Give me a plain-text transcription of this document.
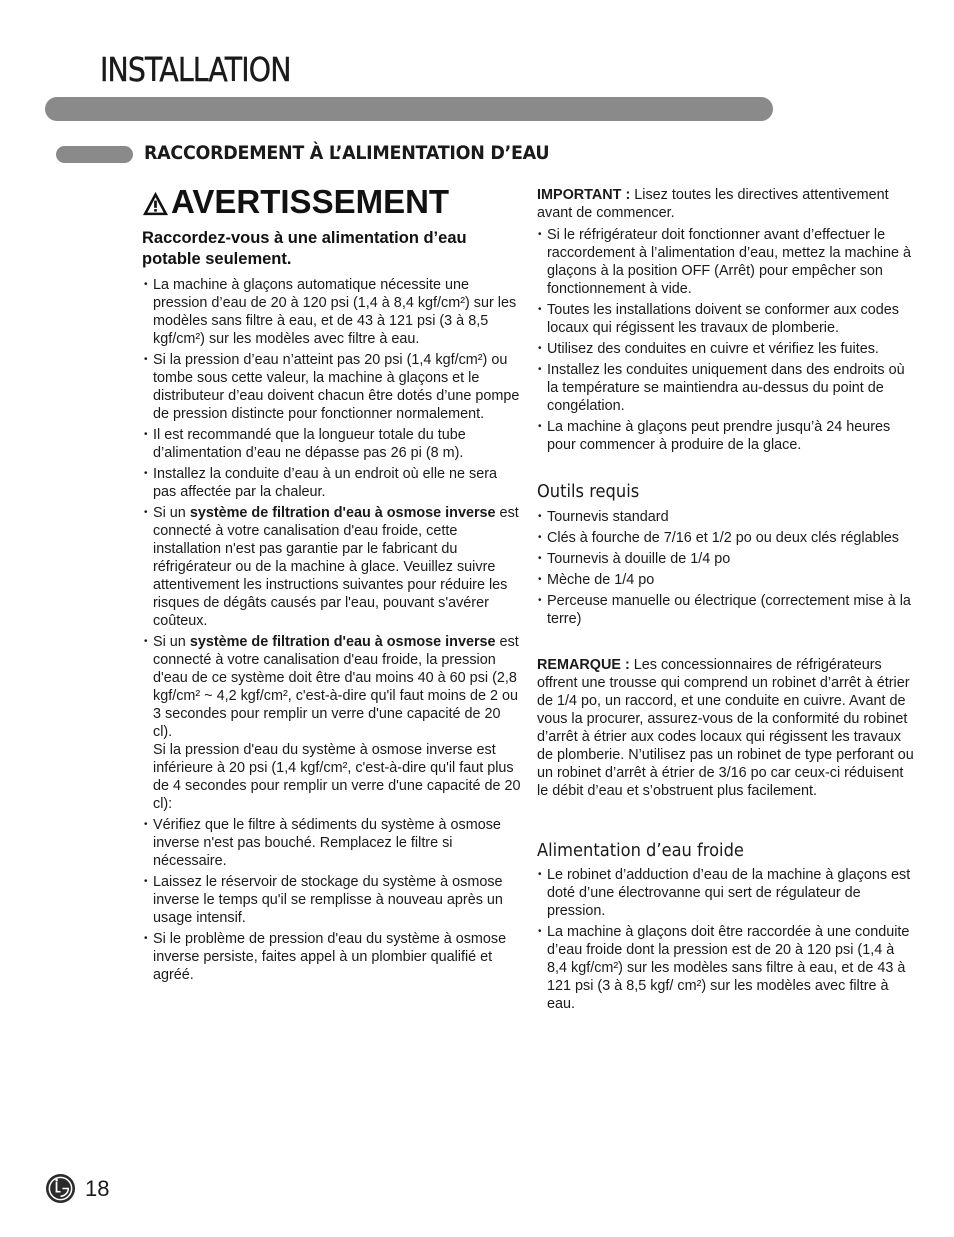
INSTALLATION
RACCORDEMENT À L’ALIMENTATION D’EAU
AVERTISSEMENT
Raccordez-vous à une alimentation d’eau potable seulement.
• La machine à glaçons automatique nécessite une pression d’eau de 20 à 120 psi (1,4 à 8,4 kgf/cm²) sur les modèles sans filtre à eau, et de 43 à 121 psi (3 à 8,5 kgf/cm²) sur les modèles avec filtre à eau.
• Si la pression d’eau n’atteint pas 20 psi (1,4 kgf/cm²) ou tombe sous cette valeur, la machine à glaçons et le distributeur d’eau doivent chacun être dotés d’une pompe de pression distincte pour fonctionner normalement.
• Il est recommandé que la longueur totale du tube d’alimentation d’eau ne dépasse pas 26 pi (8 m).
• Installez la conduite d’eau à un endroit où elle ne sera pas affectée par la chaleur.
• Si un système de filtration d'eau à osmose inverse est connecté à votre canalisation d'eau froide, cette installation n'est pas garantie par le fabricant du réfrigérateur ou de la machine à glace. Veuillez suivre attentivement les instructions suivantes pour réduire les risques de dégâts causés par l'eau, pouvant s'avérer coûteux.
• Si un système de filtration d'eau à osmose inverse est connecté à votre canalisation d'eau froide, la pression d'eau de ce système doit être d'au moins 40 à 60 psi (2,8 kgf/cm² ~ 4,2 kgf/cm², c'est-à-dire qu'il faut moins de 2 ou 3 secondes pour remplir un verre d'une capacité de 20 cl).
Si la pression d'eau du système à osmose inverse est inférieure à 20 psi (1,4 kgf/cm², c'est-à-dire qu'il faut plus de 4 secondes pour remplir un verre d'une capacité de 20 cl):
• Vérifiez que le filtre à sédiments du système à osmose inverse n'est pas bouché. Remplacez le filtre si nécessaire.
• Laissez le réservoir de stockage du système à osmose inverse le temps qu'il se remplisse à nouveau après un usage intensif.
• Si le problème de pression d'eau du système à osmose inverse persiste, faites appel à un plombier qualifié et agréé.
IMPORTANT : Lisez toutes les directives attentivement avant de commencer.
• Si le réfrigérateur doit fonctionner avant d’effectuer le raccordement à l’alimentation d’eau, mettez la machine à glaçons à la position OFF (Arrêt) pour empêcher son fonctionnement à vide.
• Toutes les installations doivent se conformer aux codes locaux qui régissent les travaux de plomberie.
• Utilisez des conduites en cuivre et vérifiez les fuites.
• Installez les conduites uniquement dans des endroits où la température se maintiendra au-dessus du point de congélation.
• La machine à glaçons peut prendre jusqu’à 24 heures pour commencer à produire de la glace.
Outils requis
• Tournevis standard
• Clés à fourche de 7/16 et 1/2 po ou deux clés réglables
• Tournevis à douille de 1/4 po
• Mèche de 1/4 po
• Perceuse manuelle ou électrique (correctement mise à la terre)
REMARQUE : Les concessionnaires de réfrigérateurs offrent une trousse qui comprend un robinet d’arrêt à étrier de 1/4 po, un raccord, et une conduite en cuivre. Avant de vous la procurer, assurez-vous de la conformité du robinet d’arrêt à étrier aux codes locaux qui régissent les travaux de plomberie. N’utilisez pas un robinet de type perforant ou un robinet d’arrêt à étrier de 3/16 po car ceux-ci réduisent le débit d’eau et s’obstruent plus facilement.
Alimentation d’eau froide
• Le robinet d’adduction d’eau de la machine à glaçons est doté d’une électrovanne qui sert de régulateur de pression.
• La machine à glaçons doit être raccordée à une conduite d’eau froide dont la pression est de 20 à 120 psi (1,4 à 8,4 kgf/cm²) sur les modèles sans filtre à eau, et de 43 à 121 psi (3 à 8,5 kgf/ cm²) sur les modèles avec filtre à eau.
18
